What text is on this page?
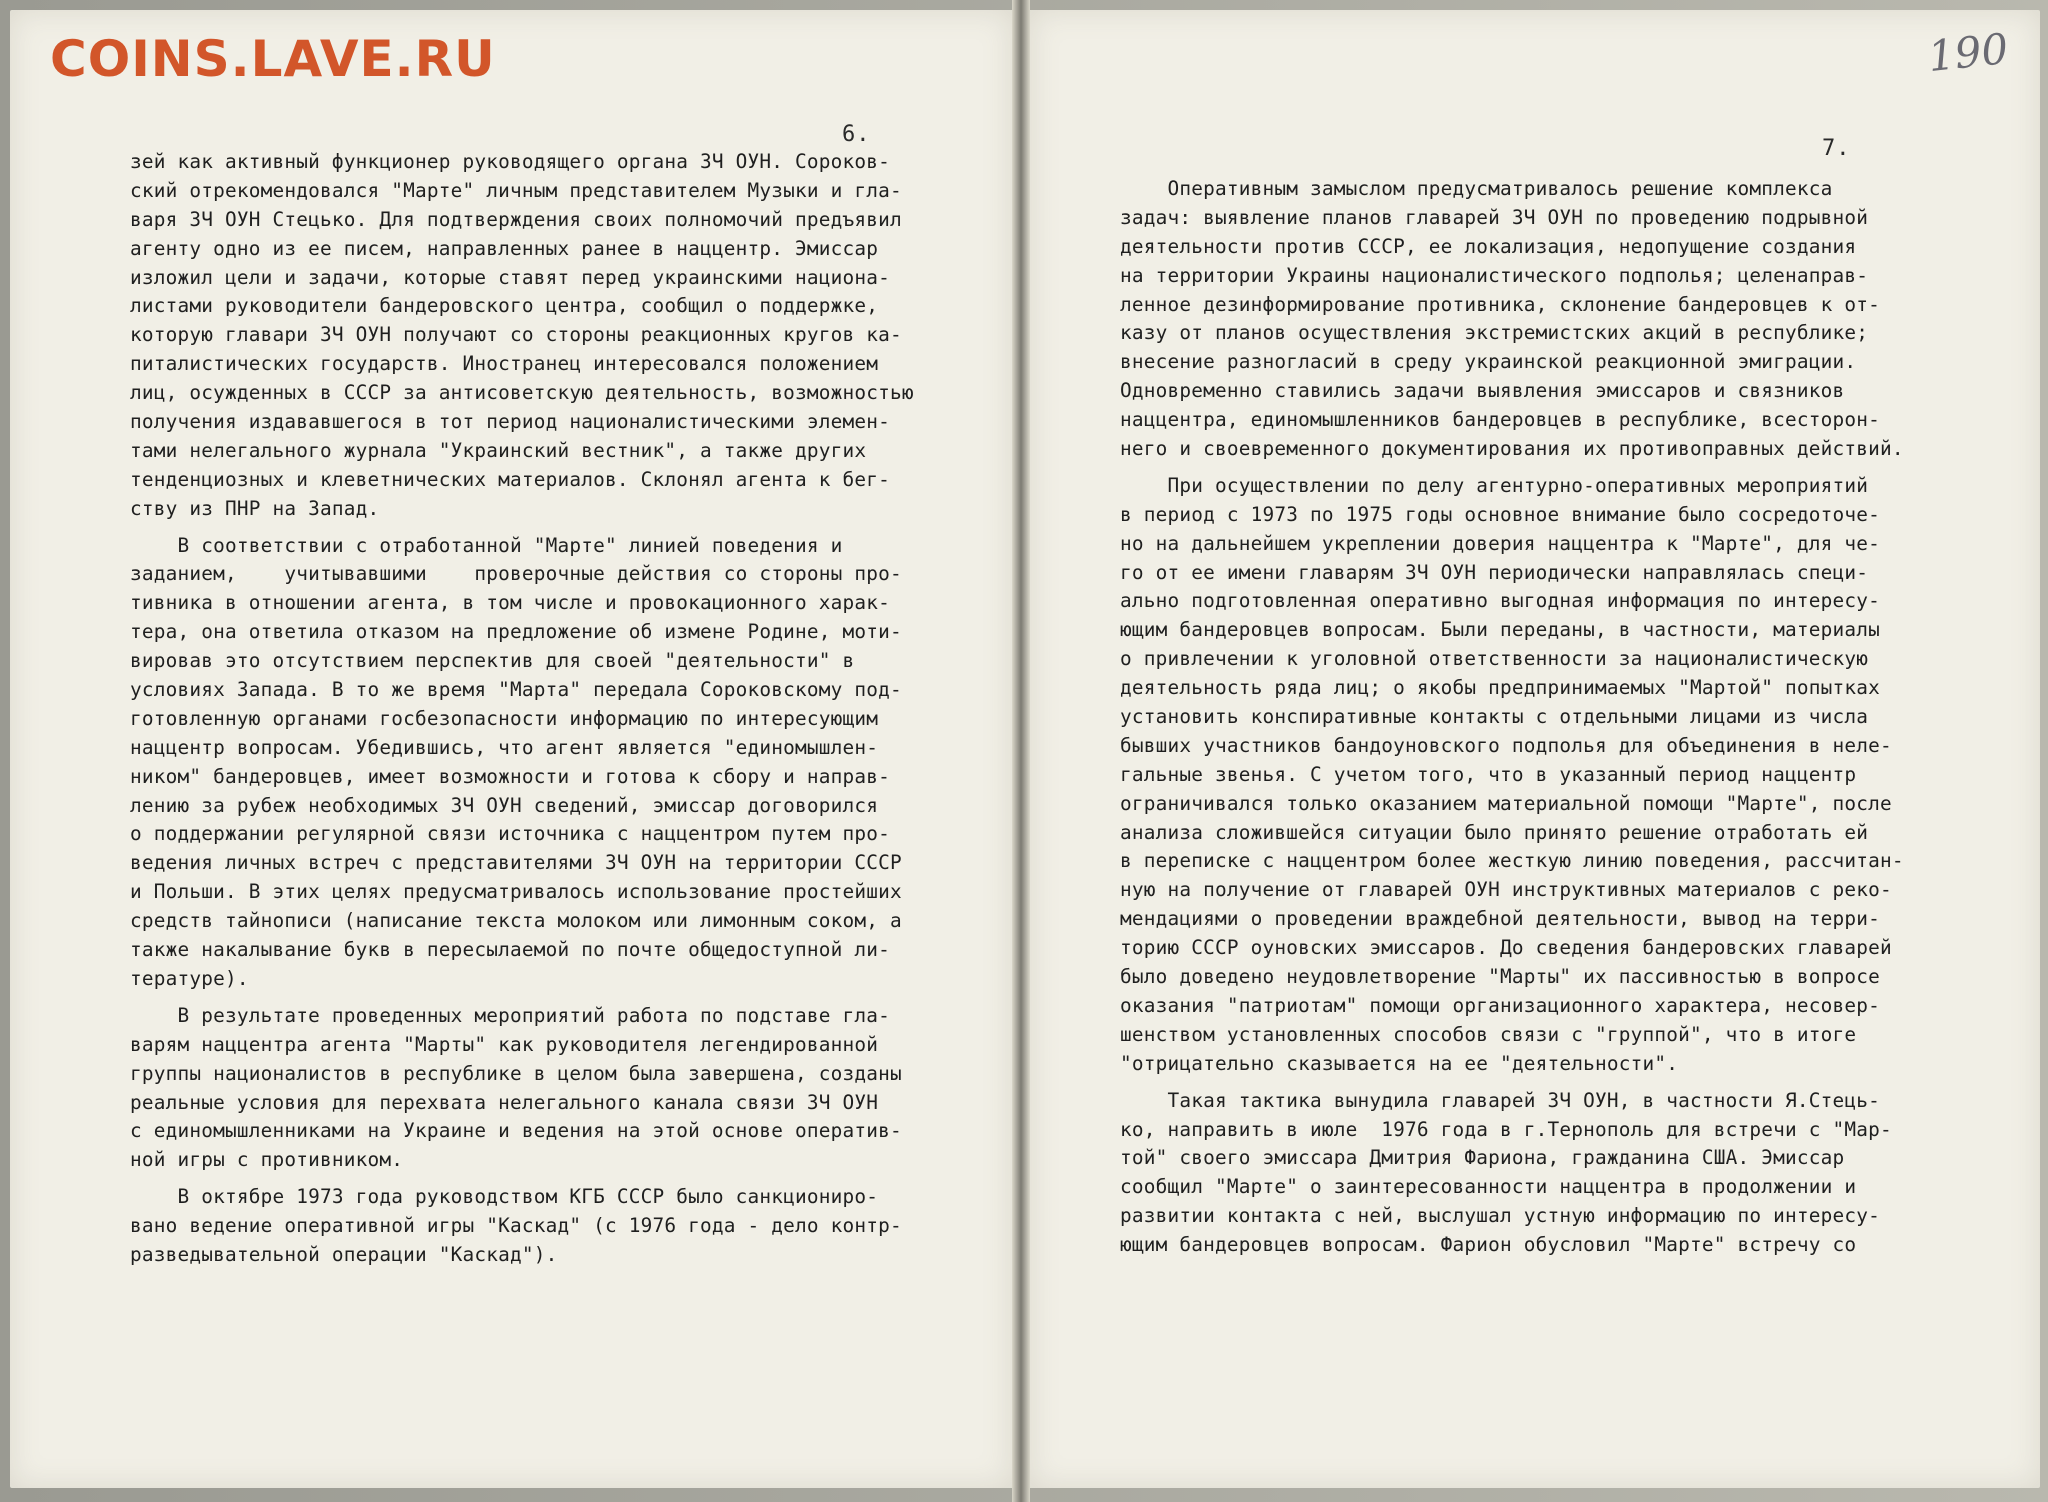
6.
7.
COINS.LAVE.RU	190
зей как активный функционер руководящего органа ЗЧ ОУН. Сороков-
ский отрекомендовался "Марте" личным представителем Музыки и гла-
варя ЗЧ ОУН Стецько. Для подтверждения своих полномочий предъявил
агенту одно из ее писем, направленных ранее в наццентр. Эмиссар
изложил цели и задачи, которые ставят перед украинскими национа-
листами руководители бандеровского центра, сообщил о поддержке,
которую главари ЗЧ ОУН получают со стороны реакционных кругов ка-
питалистических государств. Иностранец интересовался положением
лиц, осужденных в СССР за антисоветскую деятельность, возможностью
получения издававшегося в тот период националистическими элемен-
тами нелегального журнала "Украинский вестник", а также других
тенденциозных и клеветнических материалов. Склонял агента к бег-
ству из ПНР на Запад.
В соответствии с отработанной "Марте" линией поведения и
заданием,    учитывавшими    проверочные действия со стороны про-
тивника в отношении агента, в том числе и провокационного харак-
тера, она ответила отказом на предложение об измене Родине, моти-
вировав это отсутствием перспектив для своей "деятельности" в
условиях Запада. В то же время "Марта" передала Сороковскому под-
готовленную органами госбезопасности информацию по интересующим
наццентр вопросам. Убедившись, что агент является "единомышлен-
ником" бандеровцев, имеет возможности и готова к сбору и направ-
лению за рубеж необходимых ЗЧ ОУН сведений, эмиссар договорился
о поддержании регулярной связи источника с наццентром путем про-
ведения личных встреч с представителями ЗЧ ОУН на территории СССР
и Польши. В этих целях предусматривалось использование простейших
средств тайнописи (написание текста молоком или лимонным соком, а
также накалывание букв в пересылаемой по почте общедоступной ли-
тературе).
В результате проведенных мероприятий работа по подставе гла-
варям наццентра агента "Марты" как руководителя легендированной
группы националистов в республике в целом была завершена, созданы
реальные условия для перехвата нелегального канала связи ЗЧ ОУН
с единомышленниками на Украине и ведения на этой основе оператив-
ной игры с противником.
В октябре 1973 года руководством КГБ СССР было санкциониро-
вано ведение оперативной игры "Каскад" (с 1976 года - дело контр-
разведывательной операции "Каскад").
Оперативным замыслом предусматривалось решение комплекса
задач: выявление планов главарей ЗЧ ОУН по проведению подрывной
деятельности против СССР, ее локализация, недопущение создания
на территории Украины националистического подполья; целенаправ-
ленное дезинформирование противника, склонение бандеровцев к от-
казу от планов осуществления экстремистских акций в республике;
внесение разногласий в среду украинской реакционной эмиграции.
Одновременно ставились задачи выявления эмиссаров и связников
наццентра, единомышленников бандеровцев в республике, всесторон-
него и своевременного документирования их противоправных действий.
При осуществлении по делу агентурно-оперативных мероприятий
в период с 1973 по 1975 годы основное внимание было сосредоточе-
но на дальнейшем укреплении доверия наццентра к "Марте", для че-
го от ее имени главарям ЗЧ ОУН периодически направлялась специ-
ально подготовленная оперативно выгодная информация по интересу-
ющим бандеровцев вопросам. Были переданы, в частности, материалы
о привлечении к уголовной ответственности за националистическую
деятельность ряда лиц; о якобы предпринимаемых "Мартой" попытках
установить конспиративные контакты с отдельными лицами из числа
бывших участников бандоуновского подполья для объединения в неле-
гальные звенья. С учетом того, что в указанный период наццентр
ограничивался только оказанием материальной помощи "Марте", после
анализа сложившейся ситуации было принято решение отработать ей
в переписке с наццентром более жесткую линию поведения, рассчитан-
ную на получение от главарей ОУН инструктивных материалов с реко-
мендациями о проведении враждебной деятельности, вывод на терри-
торию СССР оуновских эмиссаров. До сведения бандеровских главарей
было доведено неудовлетворение "Марты" их пассивностью в вопросе
оказания "патриотам" помощи организационного характера, несовер-
шенством установленных способов связи с "группой", что в итоге
"отрицательно сказывается на ее "деятельности".
Такая тактика вынудила главарей ЗЧ ОУН, в частности Я.Стець-
ко, направить в июле  1976 года в г.Тернополь для встречи с "Мар-
той" своего эмиссара Дмитрия Фариона, гражданина США. Эмиссар
сообщил "Марте" о заинтересованности наццентра в продолжении и
развитии контакта с ней, выслушал устную информацию по интересу-
ющим бандеровцев вопросам. Фарион обусловил "Марте" встречу со
